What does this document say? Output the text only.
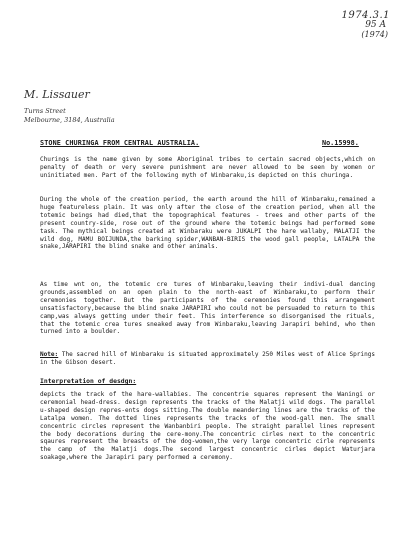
1974.3.1
95 A
(1974)
M. Lissauer
Turns Street
Melbourne, 3184, Australia
STONE CHURINGA FROM CENTRAL AUSTRALIA.	No.15998.
Churings is the name given by some Aboriginal tribes to certain sacred objects,which on penalty of death or very severe punishment are never allowed to be seen by women or uninitiated men. Part of the following myth of Winbaraku,is depicted on this churinga.
During the whole of the creation period, the earth around the hill of Winbaraku,remained a huge featureless plain. It was only after the close of the creation period, when all the totemic beings had died,that the topographical features - trees and other parts of the present country-side, rose out of the ground where the totemic beings had performed some task. The mythical beings created at Winbaraku were JUKALPI the hare wallaby, MALATJI the wild dog, MAMU BOIJUNDA,the barking spider,WANBAN-BIRIS the wood gall people, LATALPA the snake,JARAPIRI the blind snake and other animals.
As time wnt on, the totemic cre tures of Winbaraku,leaving their indivi-dual dancing grounds,assembled on an open plain to the north-east of Winbaraku,to perform their ceremonies together. But the participants of the ceremonies found this arrangement unsatisfactory,because the blind snake JARAPIRI who could not be persuaded to return to this camp,was always getting under their feet. This interference so disorganised the rituals, that the totemic crea tures sneaked away from Winbaraku,leaving Jarapiri behind, who then turned into a boulder.
Note: The sacred hill of Winbaraku is situated approximately 250 Miles west of Alice Springs in the Gibson desert.
Interpretation of desdgn:
depicts the track of the hare-wallabies. The concentrie squares represent the Waningi or ceremonial head-dress. design represents the tracks of the Malatji wild dogs. The parallel u-shaped design repres-ents dogs sitting.The double meandering lines are the tracks of the Latalpa women. The dotted lines represents the tracks of the wood-gall men. The small concentric circles represent the Wanbanbiri people. The straight parallel lines represent the body decorations during the cere-mony.The concentric cirles next to the concentric sqaures represent the breasts of the dog-women,the very large concentric cirle represents the camp of the Malatji dogs.The second largest concentric cirles depict Waturjara soakage,where the Jarapiri pary performed a ceremony.
